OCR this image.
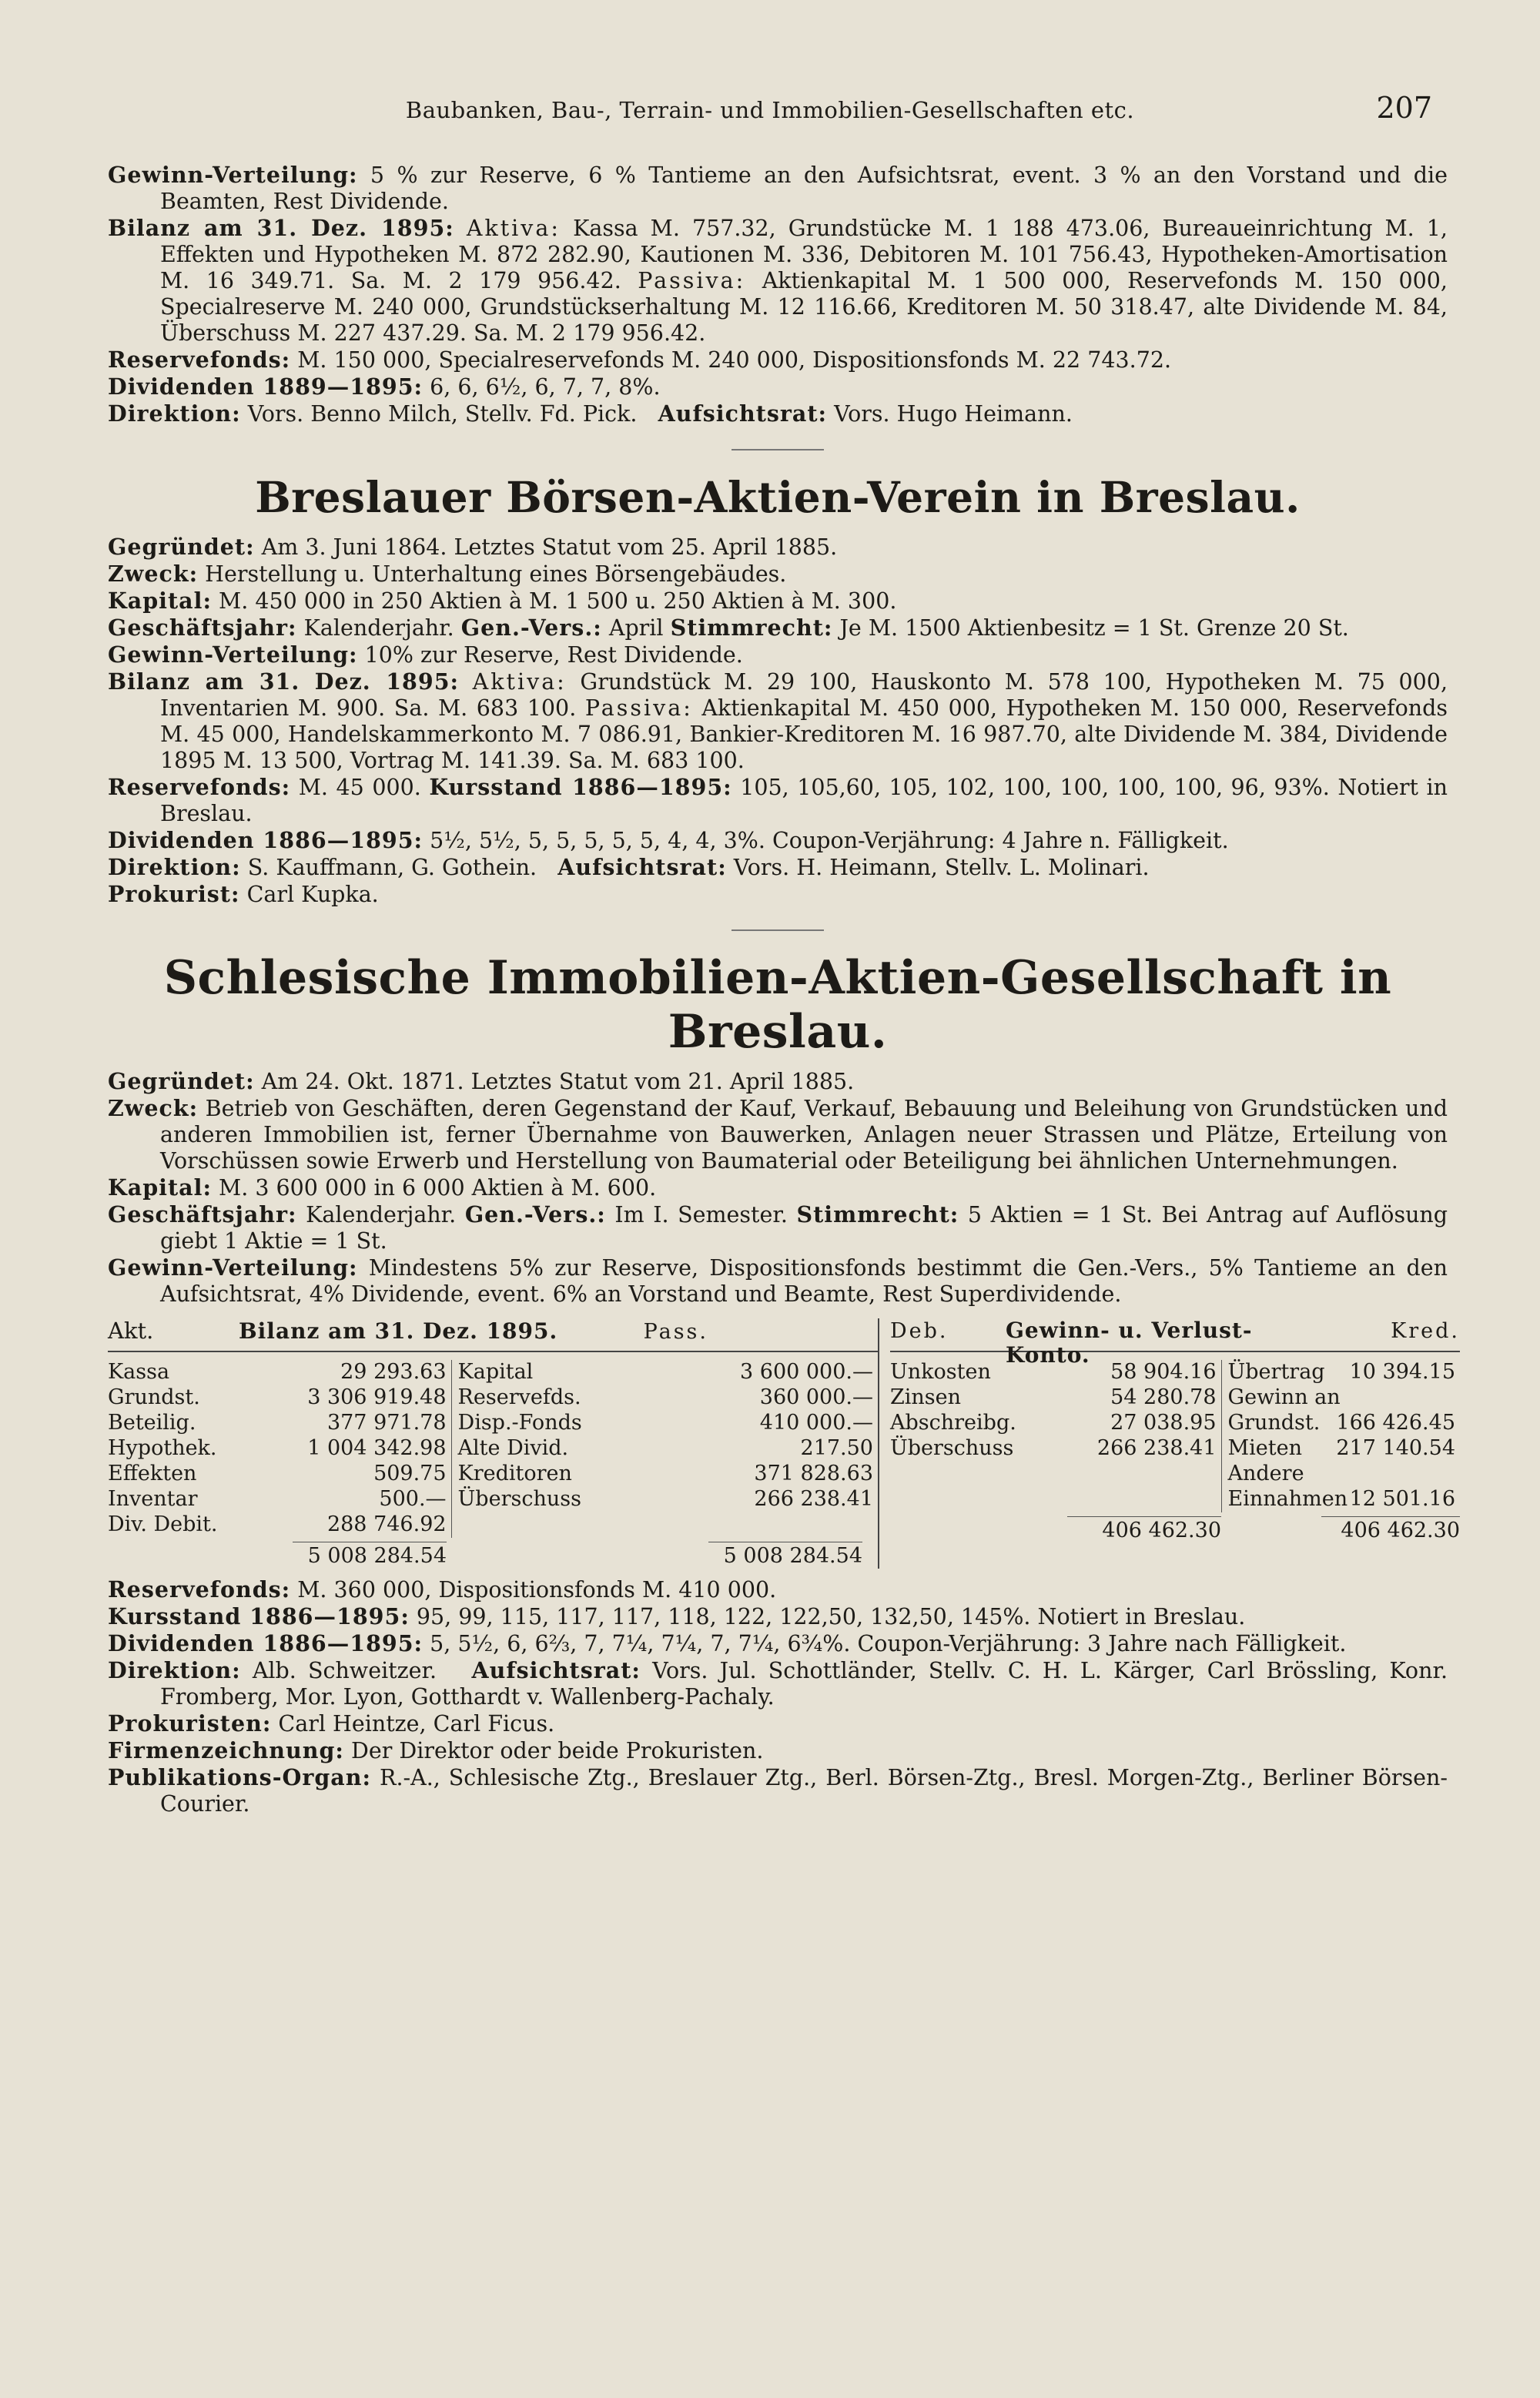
Baubanken, Bau-, Terrain- und Immobilien-Gesellschaften etc.	207

Gewinn-Verteilung: 5 % zur Reserve, 6 % Tantieme an den Aufsichtsrat, event. 3 % an den Vorstand und die Beamten, Rest Dividende.

Bilanz am 31. Dez. 1895: Aktiva: Kassa M. 757.32, Grundstücke M. 1 188 473.06, Bureaueinrichtung M. 1, Effekten und Hypotheken M. 872 282.90, Kautionen M. 336, Debitoren M. 101 756.43, Hypotheken-Amortisation M. 16 349.71. Sa. M. 2 179 956.42. Passiva: Aktienkapital M. 1 500 000, Reservefonds M. 150 000, Specialreserve M. 240 000, Grundstückserhaltung M. 12 116.66, Kreditoren M. 50 318.47, alte Dividende M. 84, Überschuss M. 227 437.29. Sa. M. 2 179 956.42.

Reservefonds: M. 150 000, Specialreservefonds M. 240 000, Dispositionsfonds M. 22 743.72.

Dividenden 1889—1895: 6, 6, 6½, 6, 7, 7, 8%.

Direktion: Vors. Benno Milch, Stellv. Fd. Pick. Aufsichtsrat: Vors. Hugo Heimann.

Breslauer Börsen-Aktien-Verein in Breslau.

Gegründet: Am 3. Juni 1864. Letztes Statut vom 25. April 1885.

Zweck: Herstellung u. Unterhaltung eines Börsengebäudes.

Kapital: M. 450 000 in 250 Aktien à M. 1 500 u. 250 Aktien à M. 300.

Geschäftsjahr: Kalenderjahr. Gen.-Vers.: April Stimmrecht: Je M. 1500 Aktienbesitz = 1 St. Grenze 20 St.

Gewinn-Verteilung: 10% zur Reserve, Rest Dividende.

Bilanz am 31. Dez. 1895: Aktiva: Grundstück M. 29 100, Hauskonto M. 578 100, Hypotheken M. 75 000, Inventarien M. 900. Sa. M. 683 100. Passiva: Aktienkapital M. 450 000, Hypotheken M. 150 000, Reservefonds M. 45 000, Handelskammerkonto M. 7 086.91, Bankier-Kreditoren M. 16 987.70, alte Dividende M. 384, Dividende 1895 M. 13 500, Vortrag M. 141.39. Sa. M. 683 100.

Reservefonds: M. 45 000. Kursstand 1886—1895: 105, 105,60, 105, 102, 100, 100, 100, 100, 96, 93%. Notiert in Breslau.

Dividenden 1886—1895: 5½, 5½, 5, 5, 5, 5, 5, 4, 4, 3%. Coupon-Verjährung: 4 Jahre n. Fälligkeit.

Direktion: S. Kauffmann, G. Gothein. Aufsichtsrat: Vors. H. Heimann, Stellv. L. Molinari.

Prokurist: Carl Kupka.

Schlesische Immobilien-Aktien-Gesellschaft in Breslau.

Gegründet: Am 24. Okt. 1871. Letztes Statut vom 21. April 1885.

Zweck: Betrieb von Geschäften, deren Gegenstand der Kauf, Verkauf, Bebauung und Beleihung von Grundstücken und anderen Immobilien ist, ferner Übernahme von Bauwerken, Anlagen neuer Strassen und Plätze, Erteilung von Vorschüssen sowie Erwerb und Herstellung von Baumaterial oder Beteiligung bei ähnlichen Unternehmungen.

Kapital: M. 3 600 000 in 6 000 Aktien à M. 600.

Geschäftsjahr: Kalenderjahr. Gen.-Vers.: Im I. Semester. Stimmrecht: 5 Aktien = 1 St. Bei Antrag auf Auflösung giebt 1 Aktie = 1 St.

Gewinn-Verteilung: Mindestens 5% zur Reserve, Dispositionsfonds bestimmt die Gen.-Vers., 5% Tantieme an den Aufsichtsrat, 4% Dividende, event. 6% an Vorstand und Beamte, Rest Superdividende.

Akt.	Bilanz am 31. Dez. 1895.	Pass.
Kassa	29 293.63
Grundst.	3 306 919.48
Beteilig.	377 971.78
Hypothek.	1 004 342.98
Effekten	509.75
Inventar	500.—
Div. Debit.	288 746.92
Kapital	3 600 000.—
Reservefds.	360 000.—
Disp.-Fonds	410 000.—
Alte Divid.	217.50
Kreditoren	371 828.63
Überschuss	266 238.41
5 008 284.54	5 008 284.54
Deb.	Gewinn- u. Verlust-Konto.
Kred.
Unkosten	58 904.16
Zinsen	54 280.78
Abschreibg.	27 038.95
Überschuss	266 238.41
Übertrag 10 394.15
Gewinn an
Grundst. 166 426.45
Mieten 217 140.54
Andere
Einnahmen 12 501.16
406 462.30	406 462.30

Reservefonds: M. 360 000, Dispositionsfonds M. 410 000.

Kursstand 1886—1895: 95, 99, 115, 117, 117, 118, 122, 122,50, 132,50, 145%. Notiert in Breslau.

Dividenden 1886—1895: 5, 5½, 6, 6⅔, 7, 7¼, 7¼, 7, 7¼, 6¾%. Coupon-Verjährung: 3 Jahre nach Fälligkeit.

Direktion: Alb. Schweitzer. Aufsichtsrat: Vors. Jul. Schottländer, Stellv. C. H. L. Kärger, Carl Brössling, Konr. Fromberg, Mor. Lyon, Gotthardt v. Wallenberg-Pachaly.

Prokuristen: Carl Heintze, Carl Ficus.

Firmenzeichnung: Der Direktor oder beide Prokuristen.

Publikations-Organ: R.-A., Schlesische Ztg., Breslauer Ztg., Berl. Börsen-Ztg., Bresl. Morgen-Ztg., Berliner Börsen-Courier.
